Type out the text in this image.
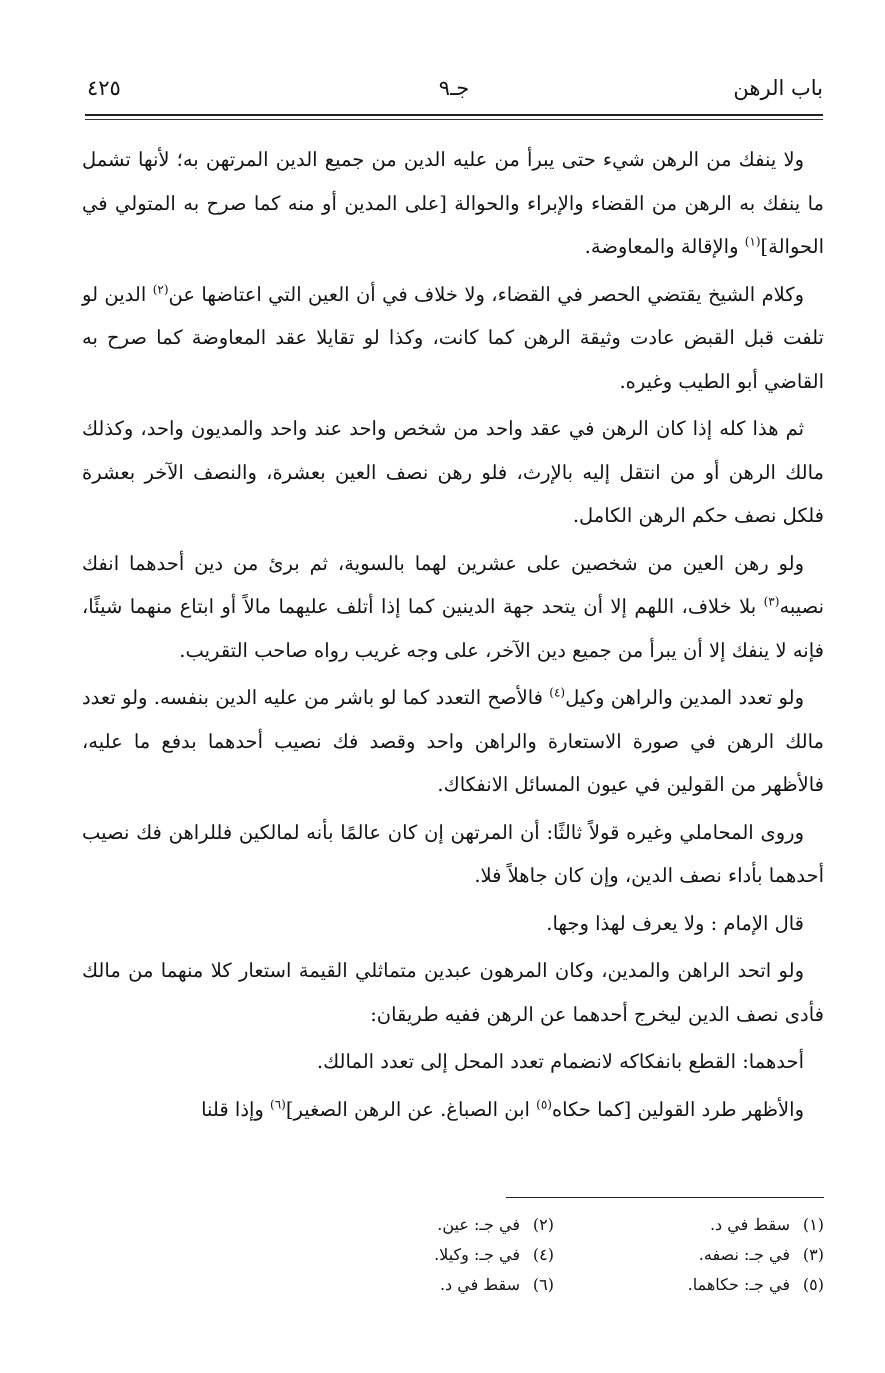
باب الرهن
جـ٩
٤٢٥

ولا ينفك من الرهن شيء حتى يبرأ من عليه الدين من جميع الدين المرتهن به؛ لأنها تشمل ما ينفك به الرهن من القضاء والإبراء والحوالة [على المدين أو منه كما صرح به المتولي في الحوالة]$^{(١)}$ والإقالة والمعاوضة.

وكلام الشيخ يقتضي الحصر في القضاء، ولا خلاف في أن العين التي اعتاضها عن$^{(٢)}$ الدين لو تلفت قبل القبض عادت وثيقة الرهن كما كانت، وكذا لو تقايلا عقد المعاوضة كما صرح به القاضي أبو الطيب وغيره.

ثم هذا كله إذا كان الرهن في عقد واحد من شخص واحد عند واحد والمديون واحد، وكذلك مالك الرهن أو من انتقل إليه بالإرث، فلو رهن نصف العين بعشرة، والنصف الآخر بعشرة فلكل نصف حكم الرهن الكامل.

ولو رهن العين من شخصين على عشرين لهما بالسوية، ثم برئ من دين أحدهما انفك نصيبه$^{(٣)}$ بلا خلاف، اللهم إلا أن يتحد جهة الدينين كما إذا أتلف عليهما مالاً أو ابتاع منهما شيئًا، فإنه لا ينفك إلا أن يبرأ من جميع دين الآخر، على وجه غريب رواه صاحب التقريب.

ولو تعدد المدين والراهن وكيل$^{(٤)}$ فالأصح التعدد كما لو باشر من عليه الدين بنفسه. ولو تعدد مالك الرهن في صورة الاستعارة والراهن واحد وقصد فك نصيب أحدهما بدفع ما عليه، فالأظهر من القولين في عيون المسائل الانفكاك.

وروى المحاملي وغيره قولاً ثالثًا: أن المرتهن إن كان عالمًا بأنه لمالكين فللراهن فك نصيب أحدهما بأداء نصف الدين، وإن كان جاهلاً فلا.

قال الإمام : ولا يعرف لهذا وجها.

ولو اتحد الراهن والمدين، وكان المرهون عبدين متماثلي القيمة استعار كلا منهما من مالك فأدى نصف الدين ليخرج أحدهما عن الرهن ففيه طريقان:

أحدهما: القطع بانفكاكه لانضمام تعدد المحل إلى تعدد المالك.

والأظهر طرد القولين [كما حكاه$^{(٥)}$ ابن الصباغ. عن الرهن الصغير]$^{(٦)}$ وإذا قلنا

(١)سقط في د.
(٣)في جـ: نصفه.
(٥)في جـ: حكاهما.
(٢)في جـ: عين.
(٤)في جـ: وكيلا.
(٦)سقط في د.
